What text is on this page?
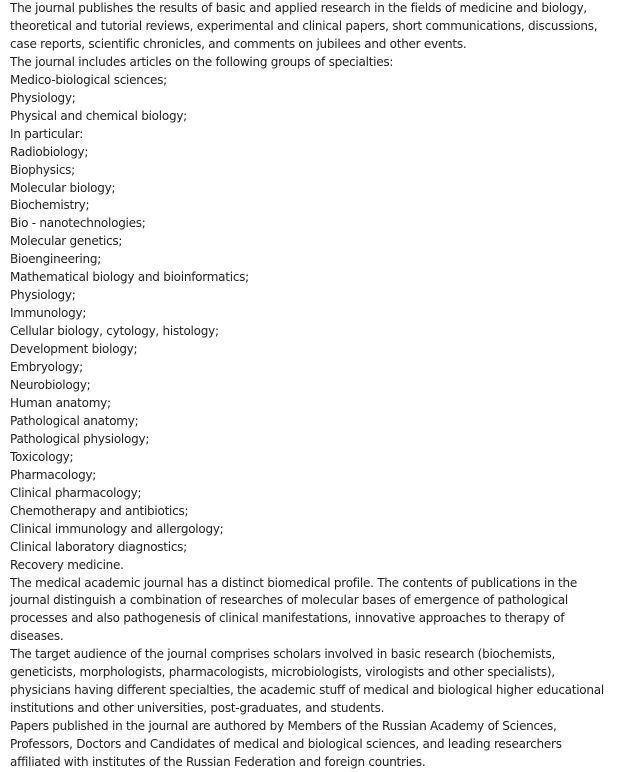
The journal publishes the results of basic and applied research in the fields of medicine and biology,
theoretical and tutorial reviews, experimental and clinical papers, short communications, discussions,
case reports, scientific chronicles, and comments on jubilees and other events.
The journal includes articles on the following groups of specialties:
Medico-biological sciences;
Physiology;
Physical and chemical biology;
In particular:
Radiobiology;
Biophysics;
Molecular biology;
Biochemistry;
Bio - nanotechnologies;
Molecular genetics;
Bioengineering;
Mathematical biology and bioinformatics;
Physiology;
Immunology;
Cellular biology, cytology, histology;
Development biology;
Embryology;
Neurobiology;
Human anatomy;
Pathological anatomy;
Pathological physiology;
Toxicology;
Pharmacology;
Clinical pharmacology;
Chemotherapy and antibiotics;
Clinical immunology and allergology;
Clinical laboratory diagnostics;
Recovery medicine.
The medical academic journal has a distinct biomedical profile. The contents of publications in the
journal distinguish a combination of researches of molecular bases of emergence of pathological
processes and also pathogenesis of clinical manifestations, innovative approaches to therapy of
diseases.
The target audience of the journal comprises scholars involved in basic research (biochemists,
geneticists, morphologists, pharmacologists, microbiologists, virologists and other specialists),
physicians having different specialties, the academic stuff of medical and biological higher educational
institutions and other universities, post-graduates, and students.
Papers published in the journal are authored by Members of the Russian Academy of Sciences,
Professors, Doctors and Candidates of medical and biological sciences, and leading researchers
affiliated with institutes of the Russian Federation and foreign countries.
